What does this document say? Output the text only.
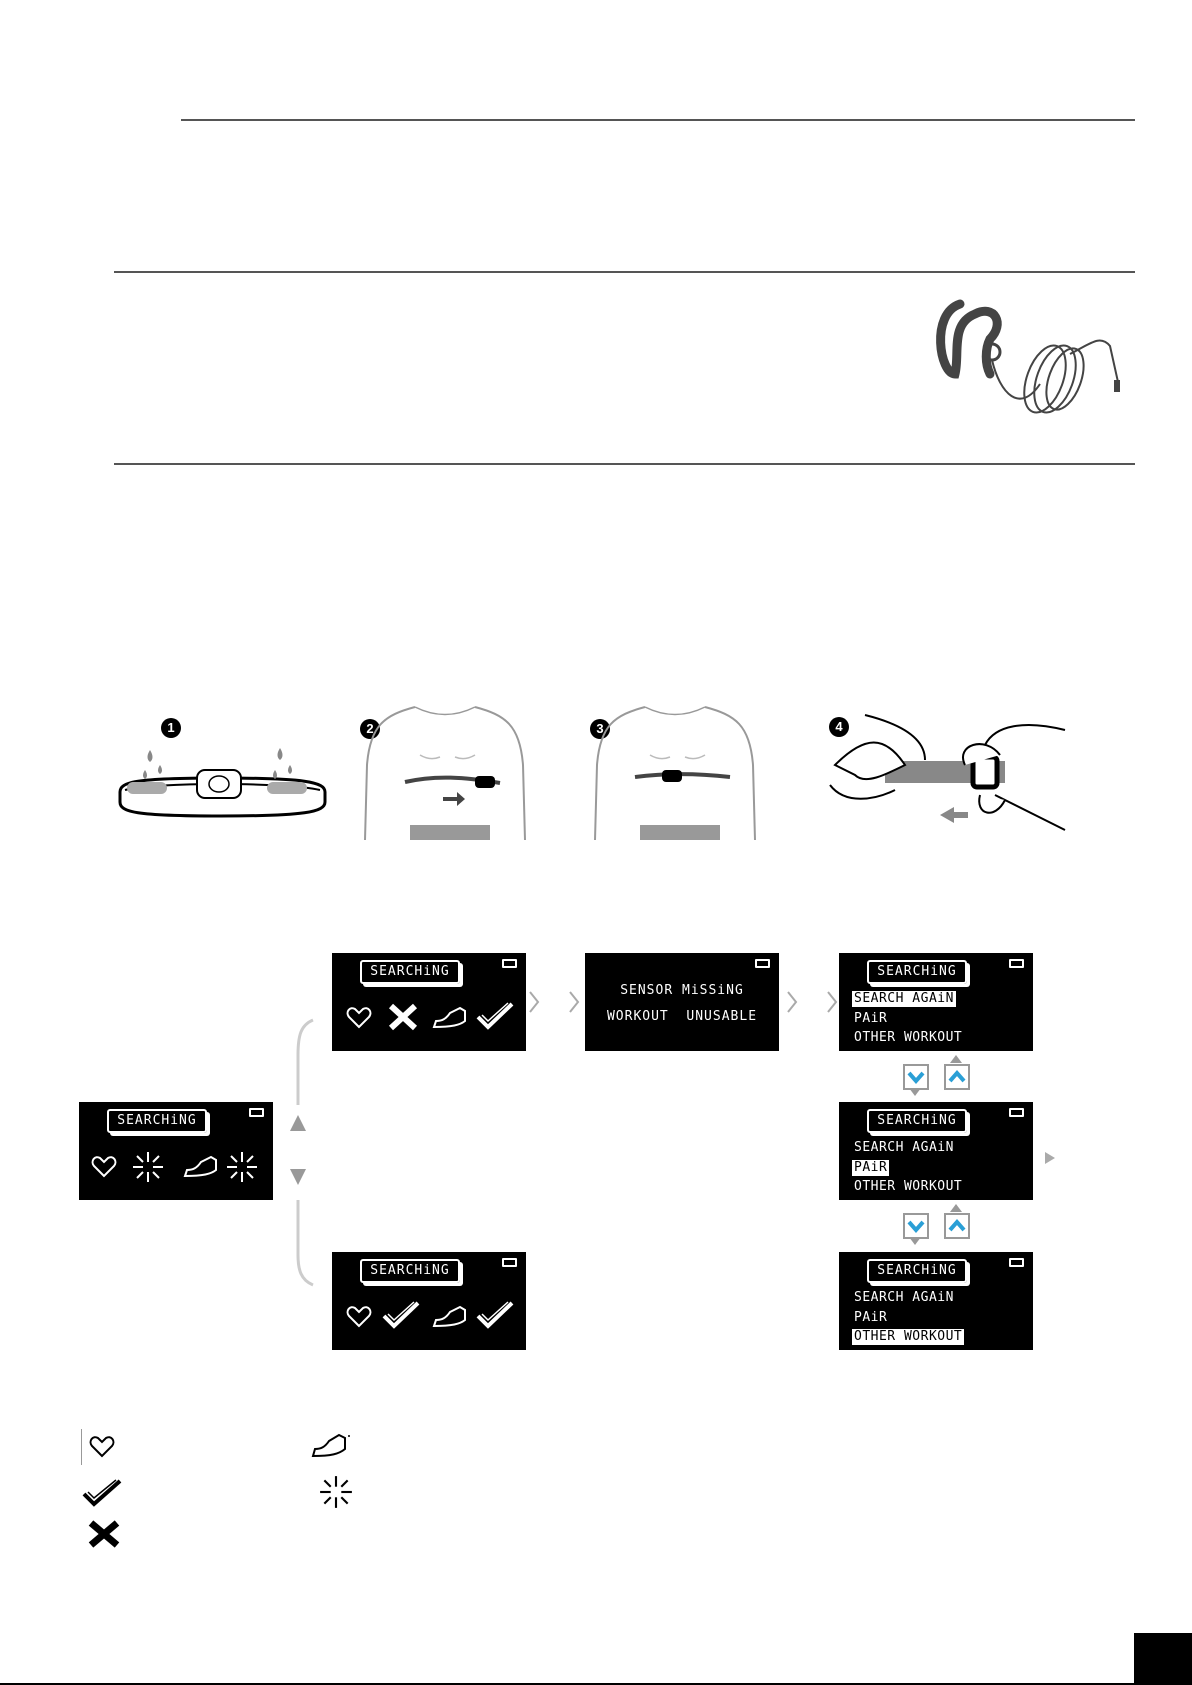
1	2	3	4
SEARCHiNG
SEARCHiNG
SENSOR MiSSiNG
WORKOUT  UNUSABLE
SEARCHiNG
SEARCH AGAiN
PAiR
OTHER WORKOUT
SEARCHiNG
SEARCH AGAiN
PAiR
OTHER WORKOUT
SEARCHiNG
SEARCH AGAiN
PAiR
OTHER WORKOUT
SEARCHiNG
